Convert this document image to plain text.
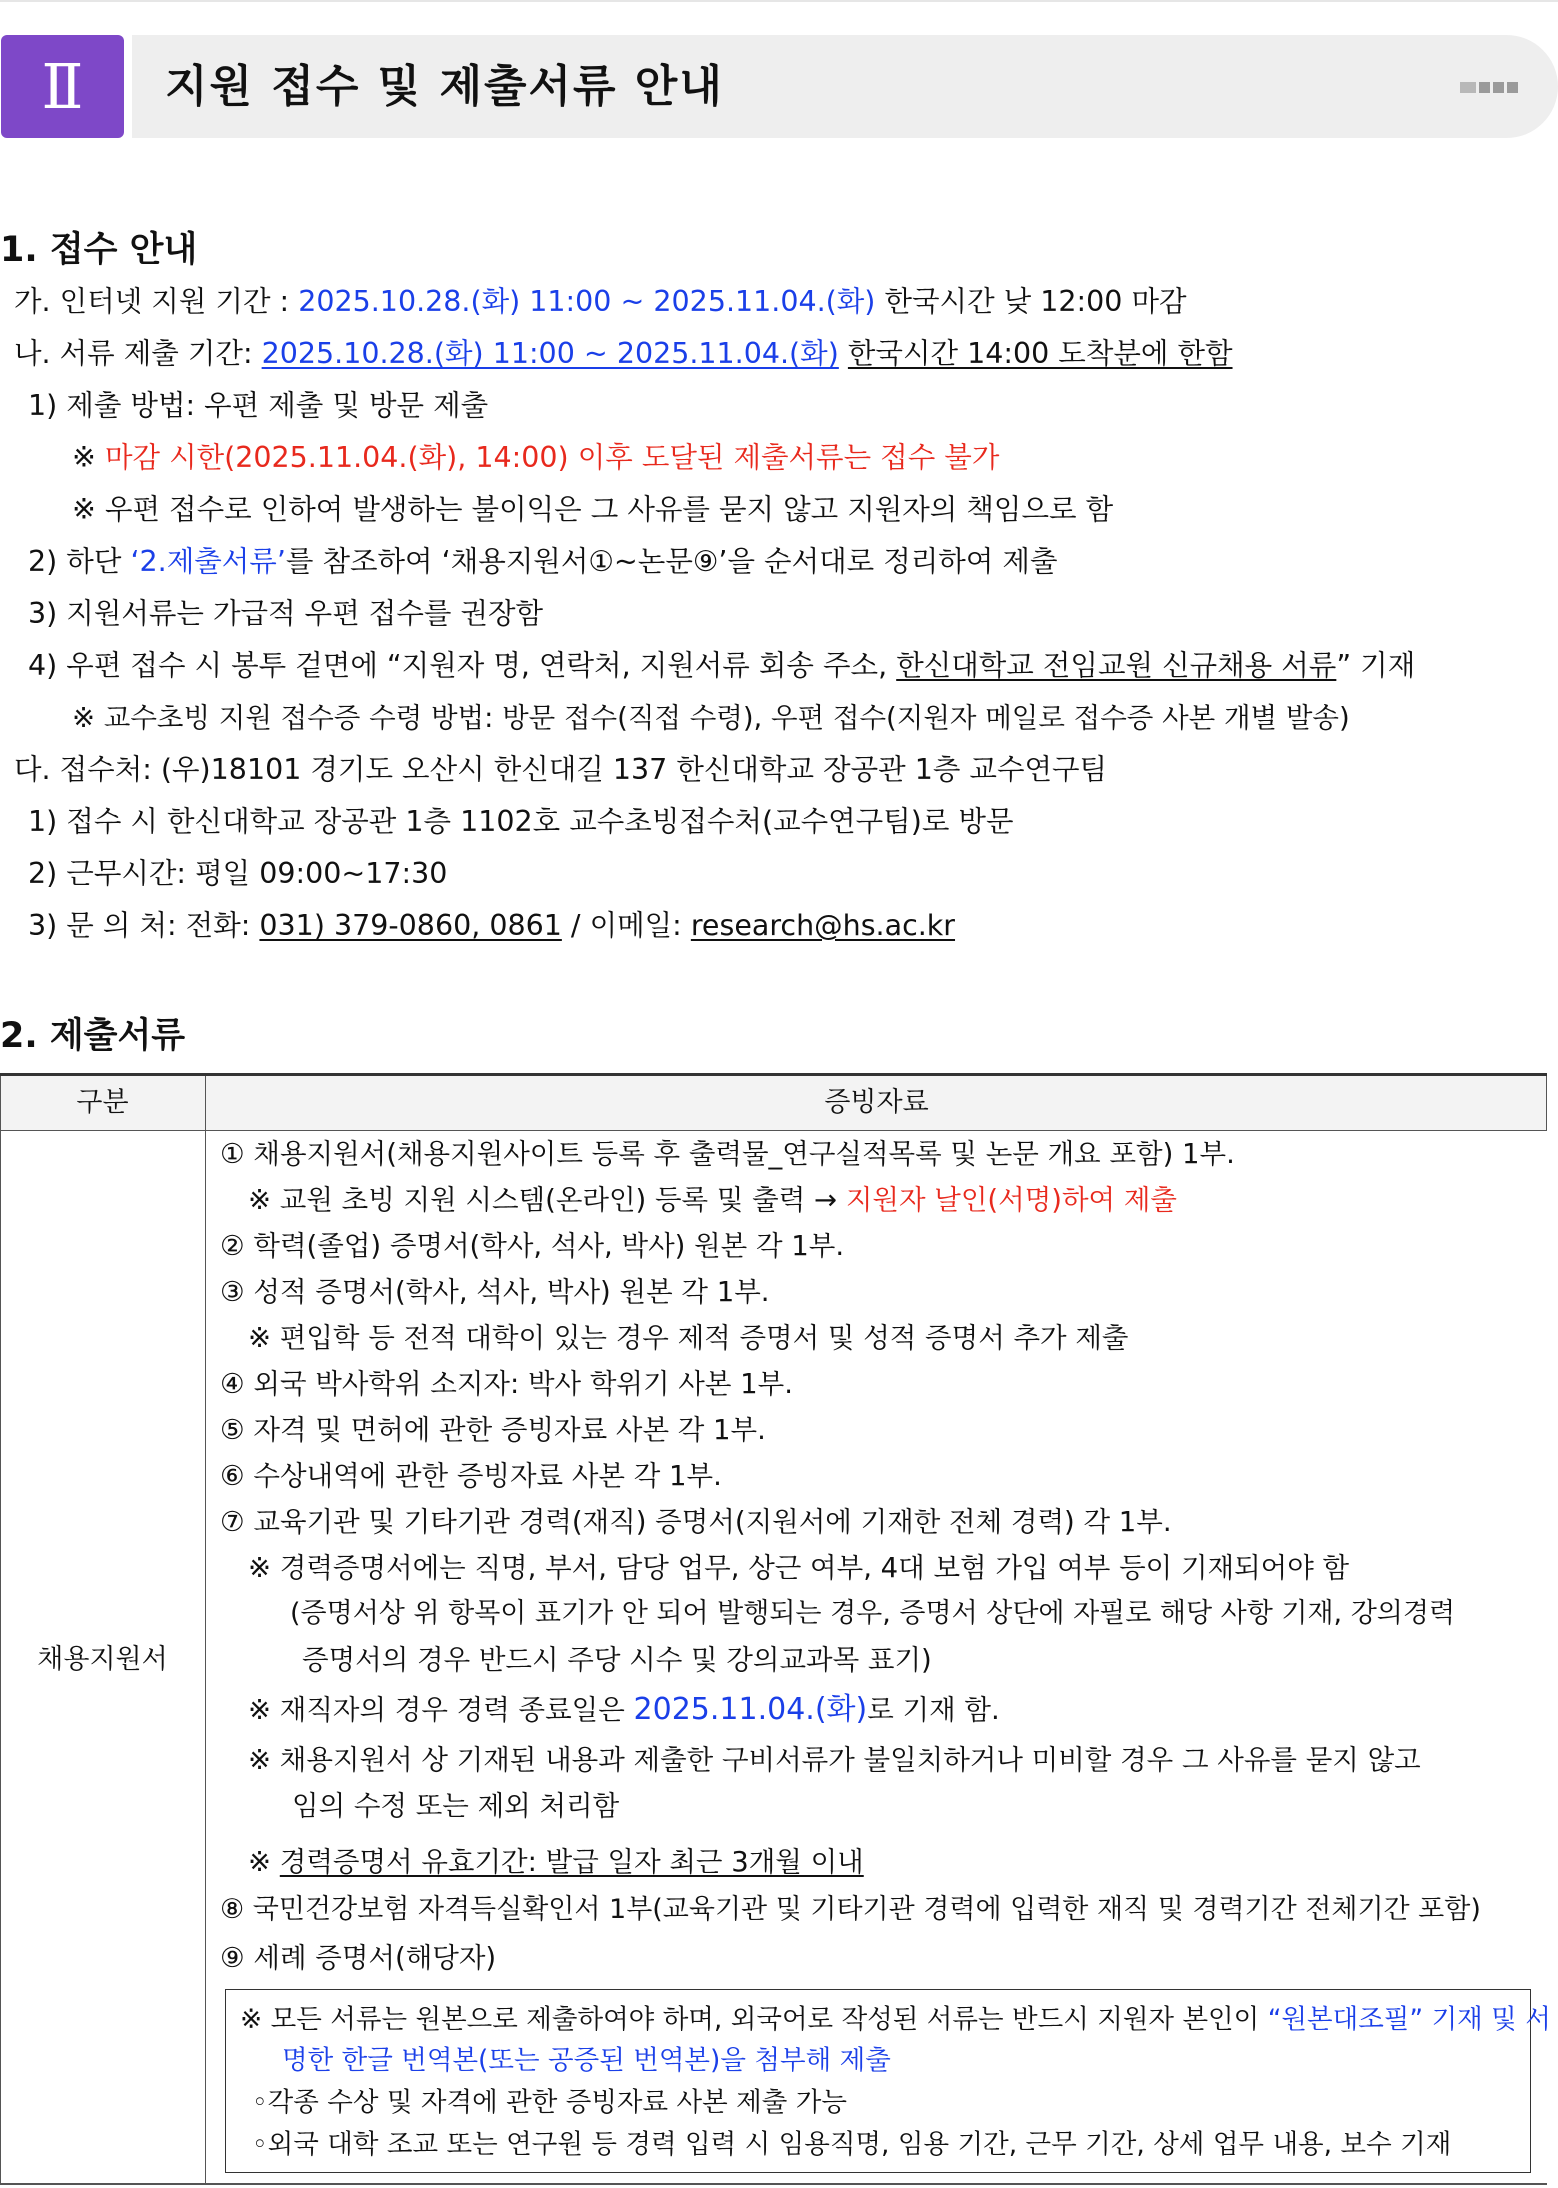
Ⅱ	지원 접수 및 제출서류 안내
1. 접수 안내
가. 인터넷 지원 기간 : 2025.10.28.(화) 11:00 ~ 2025.11.04.(화) 한국시간 낮 12:00 마감
나. 서류 제출 기간: 2025.10.28.(화) 11:00 ~ 2025.11.04.(화) 한국시간 14:00 도착분에 한함
1) 제출 방법: 우편 제출 및 방문 제출
※ 마감 시한(2025.11.04.(화), 14:00) 이후 도달된 제출서류는 접수 불가
※ 우편 접수로 인하여 발생하는 불이익은 그 사유를 묻지 않고 지원자의 책임으로 함
2) 하단 ‘2.제출서류’를 참조하여 ‘채용지원서①~논문⑨’을 순서대로 정리하여 제출
3) 지원서류는 가급적 우편 접수를 권장함
4) 우편 접수 시 봉투 겉면에 “지원자 명, 연락처, 지원서류 회송 주소, 한신대학교 전임교원 신규채용 서류” 기재
※ 교수초빙 지원 접수증 수령 방법: 방문 접수(직접 수령), 우편 접수(지원자 메일로 접수증 사본 개별 발송)
다. 접수처: (우)18101 경기도 오산시 한신대길 137 한신대학교 장공관 1층 교수연구팀
1) 접수 시 한신대학교 장공관 1층 1102호 교수초빙접수처(교수연구팀)로 방문
2) 근무시간: 평일 09:00~17:30
3) 문 의 처: 전화: 031) 379-0860, 0861 / 이메일: research@hs.ac.kr
2. 제출서류
구분	증빙자료
채용지원서
① 채용지원서(채용지원사이트 등록 후 출력물_연구실적목록 및 논문 개요 포함) 1부.
※ 교원 초빙 지원 시스템(온라인) 등록 및 출력 → 지원자 날인(서명)하여 제출
② 학력(졸업) 증명서(학사, 석사, 박사) 원본 각 1부.
③ 성적 증명서(학사, 석사, 박사) 원본 각 1부.
※ 편입학 등 전적 대학이 있는 경우 제적 증명서 및 성적 증명서 추가 제출
④ 외국 박사학위 소지자: 박사 학위기 사본 1부.
⑤ 자격 및 면허에 관한 증빙자료 사본 각 1부.
⑥ 수상내역에 관한 증빙자료 사본 각 1부.
⑦ 교육기관 및 기타기관 경력(재직) 증명서(지원서에 기재한 전체 경력) 각 1부.
※ 경력증명서에는 직명, 부서, 담당 업무, 상근 여부, 4대 보험 가입 여부 등이 기재되어야 함
(증명서상 위 항목이 표기가 안 되어 발행되는 경우, 증명서 상단에 자필로 해당 사항 기재, 강의경력
증명서의 경우 반드시 주당 시수 및 강의교과목 표기)
※ 재직자의 경우 경력 종료일은 2025.11.04.(화)로 기재 함.
※ 채용지원서 상 기재된 내용과 제출한 구비서류가 불일치하거나 미비할 경우 그 사유를 묻지 않고
임의 수정 또는 제외 처리함
※ 경력증명서 유효기간: 발급 일자 최근 3개월 이내
⑧ 국민건강보험 자격득실확인서 1부(교육기관 및 기타기관 경력에 입력한 재직 및 경력기간 전체기간 포함)
⑨ 세례 증명서(해당자)
※ 모든 서류는 원본으로 제출하여야 하며, 외국어로 작성된 서류는 반드시 지원자 본인이 “원본대조필” 기재 및 서
명한 한글 번역본(또는 공증된 번역본)을 첨부해 제출
◦각종 수상 및 자격에 관한 증빙자료 사본 제출 가능
◦외국 대학 조교 또는 연구원 등 경력 입력 시 임용직명, 임용 기간, 근무 기간, 상세 업무 내용, 보수 기재
